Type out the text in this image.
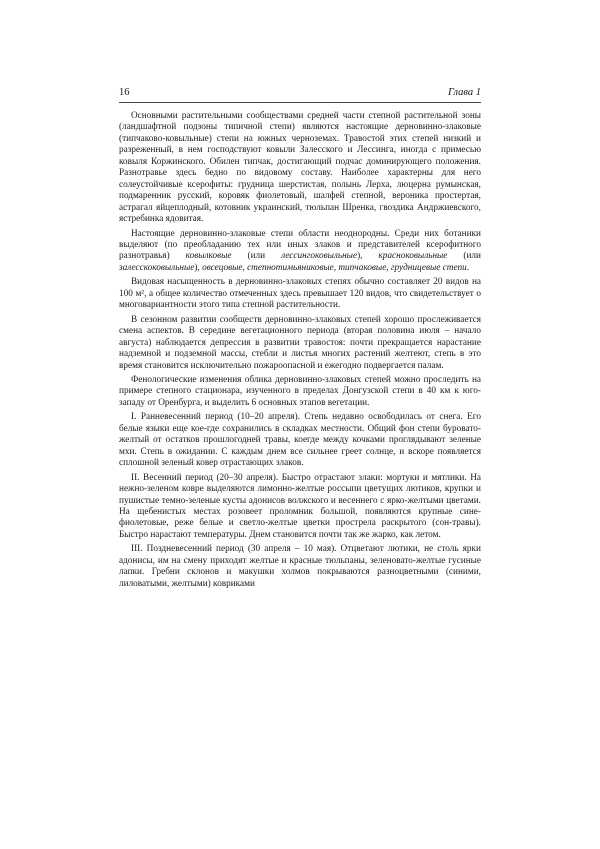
16	Глава 1

Основными растительными сообществами средней части степной растительной зоны (ландшафтной подзоны типичной степи) являются настоящие дерновинно-злаковые (типчаково-ковыльные) степи на южных черноземах. Травостой этих степей низкий и разреженный, в нем господствуют ковыли Залесского и Лессинга, иногда с примесью ковыля Коржинского. Обилен типчак, достигающий подчас доминирующего положения. Разнотравье здесь бедно по видовому составу. Наиболее характерны для него солеустойчивые ксерофиты: грудница шерстистая, полынь Лерха, люцерна румынская, подмаренник русский, коровяк фиолетовый, шалфей степной, вероника простертая, астрагал яйцеплодный, котовник украинский, тюльпан Шренка, гвоздика Андржиевского, ястребинка ядовитая.

Настоящие дерновинно-злаковые степи области неоднородны. Среди них ботаники выделяют (по преобладанию тех или иных злаков и представителей ксерофитного разнотравья) ковылковые (или лессингоковыльные), красноковыльные (или залесскоковыльные), овсецовые, степнотимьяниковые, типчаковые, грудницевые степи.

Видовая насыщенность в дерновинно-злаковых степях обычно составляет 20 видов на 100 м², а общее количество отмеченных здесь превышает 120 видов, что свидетельствует о многовариантности этого типа степной растительности.

В сезонном развитии сообществ дерновинно-злаковых степей хорошо прослеживается смена аспектов. В середине вегетационного периода (вторая половина июля – начало августа) наблюдается депрессия в развитии травостоя: почти прекращается нарастание надземной и подземной массы, стебли и листья многих растений желтеют, степь в это время становится исключительно пожароопасной и ежегодно подвергается палам.

Фенологические изменения облика дерновинно-злаковых степей можно проследить на примере степного стационара, изученного в пределах Донгузской степи в 40 км к юго-западу от Оренбурга, и выделить 6 основных этапов вегетации.

I. Ранневесенний период (10–20 апреля). Степь недавно освободилась от снега. Его белые языки еще кое-где сохранились в складках местности. Общий фон степи буровато-желтый от остатков прошлогодней травы, коегде между кочками проглядывают зеленые мхи. Степь в ожидании. С каждым днем все сильнее греет солнце, и вскоре появляется сплошной зеленый ковер отрастающих злаков.

II. Весенний период (20–30 апреля). Быстро отрастают злаки: мортуки и мятлики. На нежно-зеленом ковре выделяются лимонно-желтые россыпи цветущих лютиков, крупки и пушистые темно-зеленые кусты адонисов волжского и весеннего с ярко-желтыми цветами. На щебенистых местах розовеет проломник большой, появляются крупные сине-фиолетовые, реже белые и светло-желтые цветки прострела раскрытого (сон-травы). Быстро нарастают температуры. Днем становится почти так же жарко, как летом.

III. Поздневесенний период (30 апреля – 10 мая). Отцветают лютики, не столь ярки адонисы, им на смену приходят желтые и красные тюльпаны, зеленовато-желтые гусиные лапки. Гребни склонов и макушки холмов покрываются разноцветными (синими, лиловатыми, желтыми) ковриками
